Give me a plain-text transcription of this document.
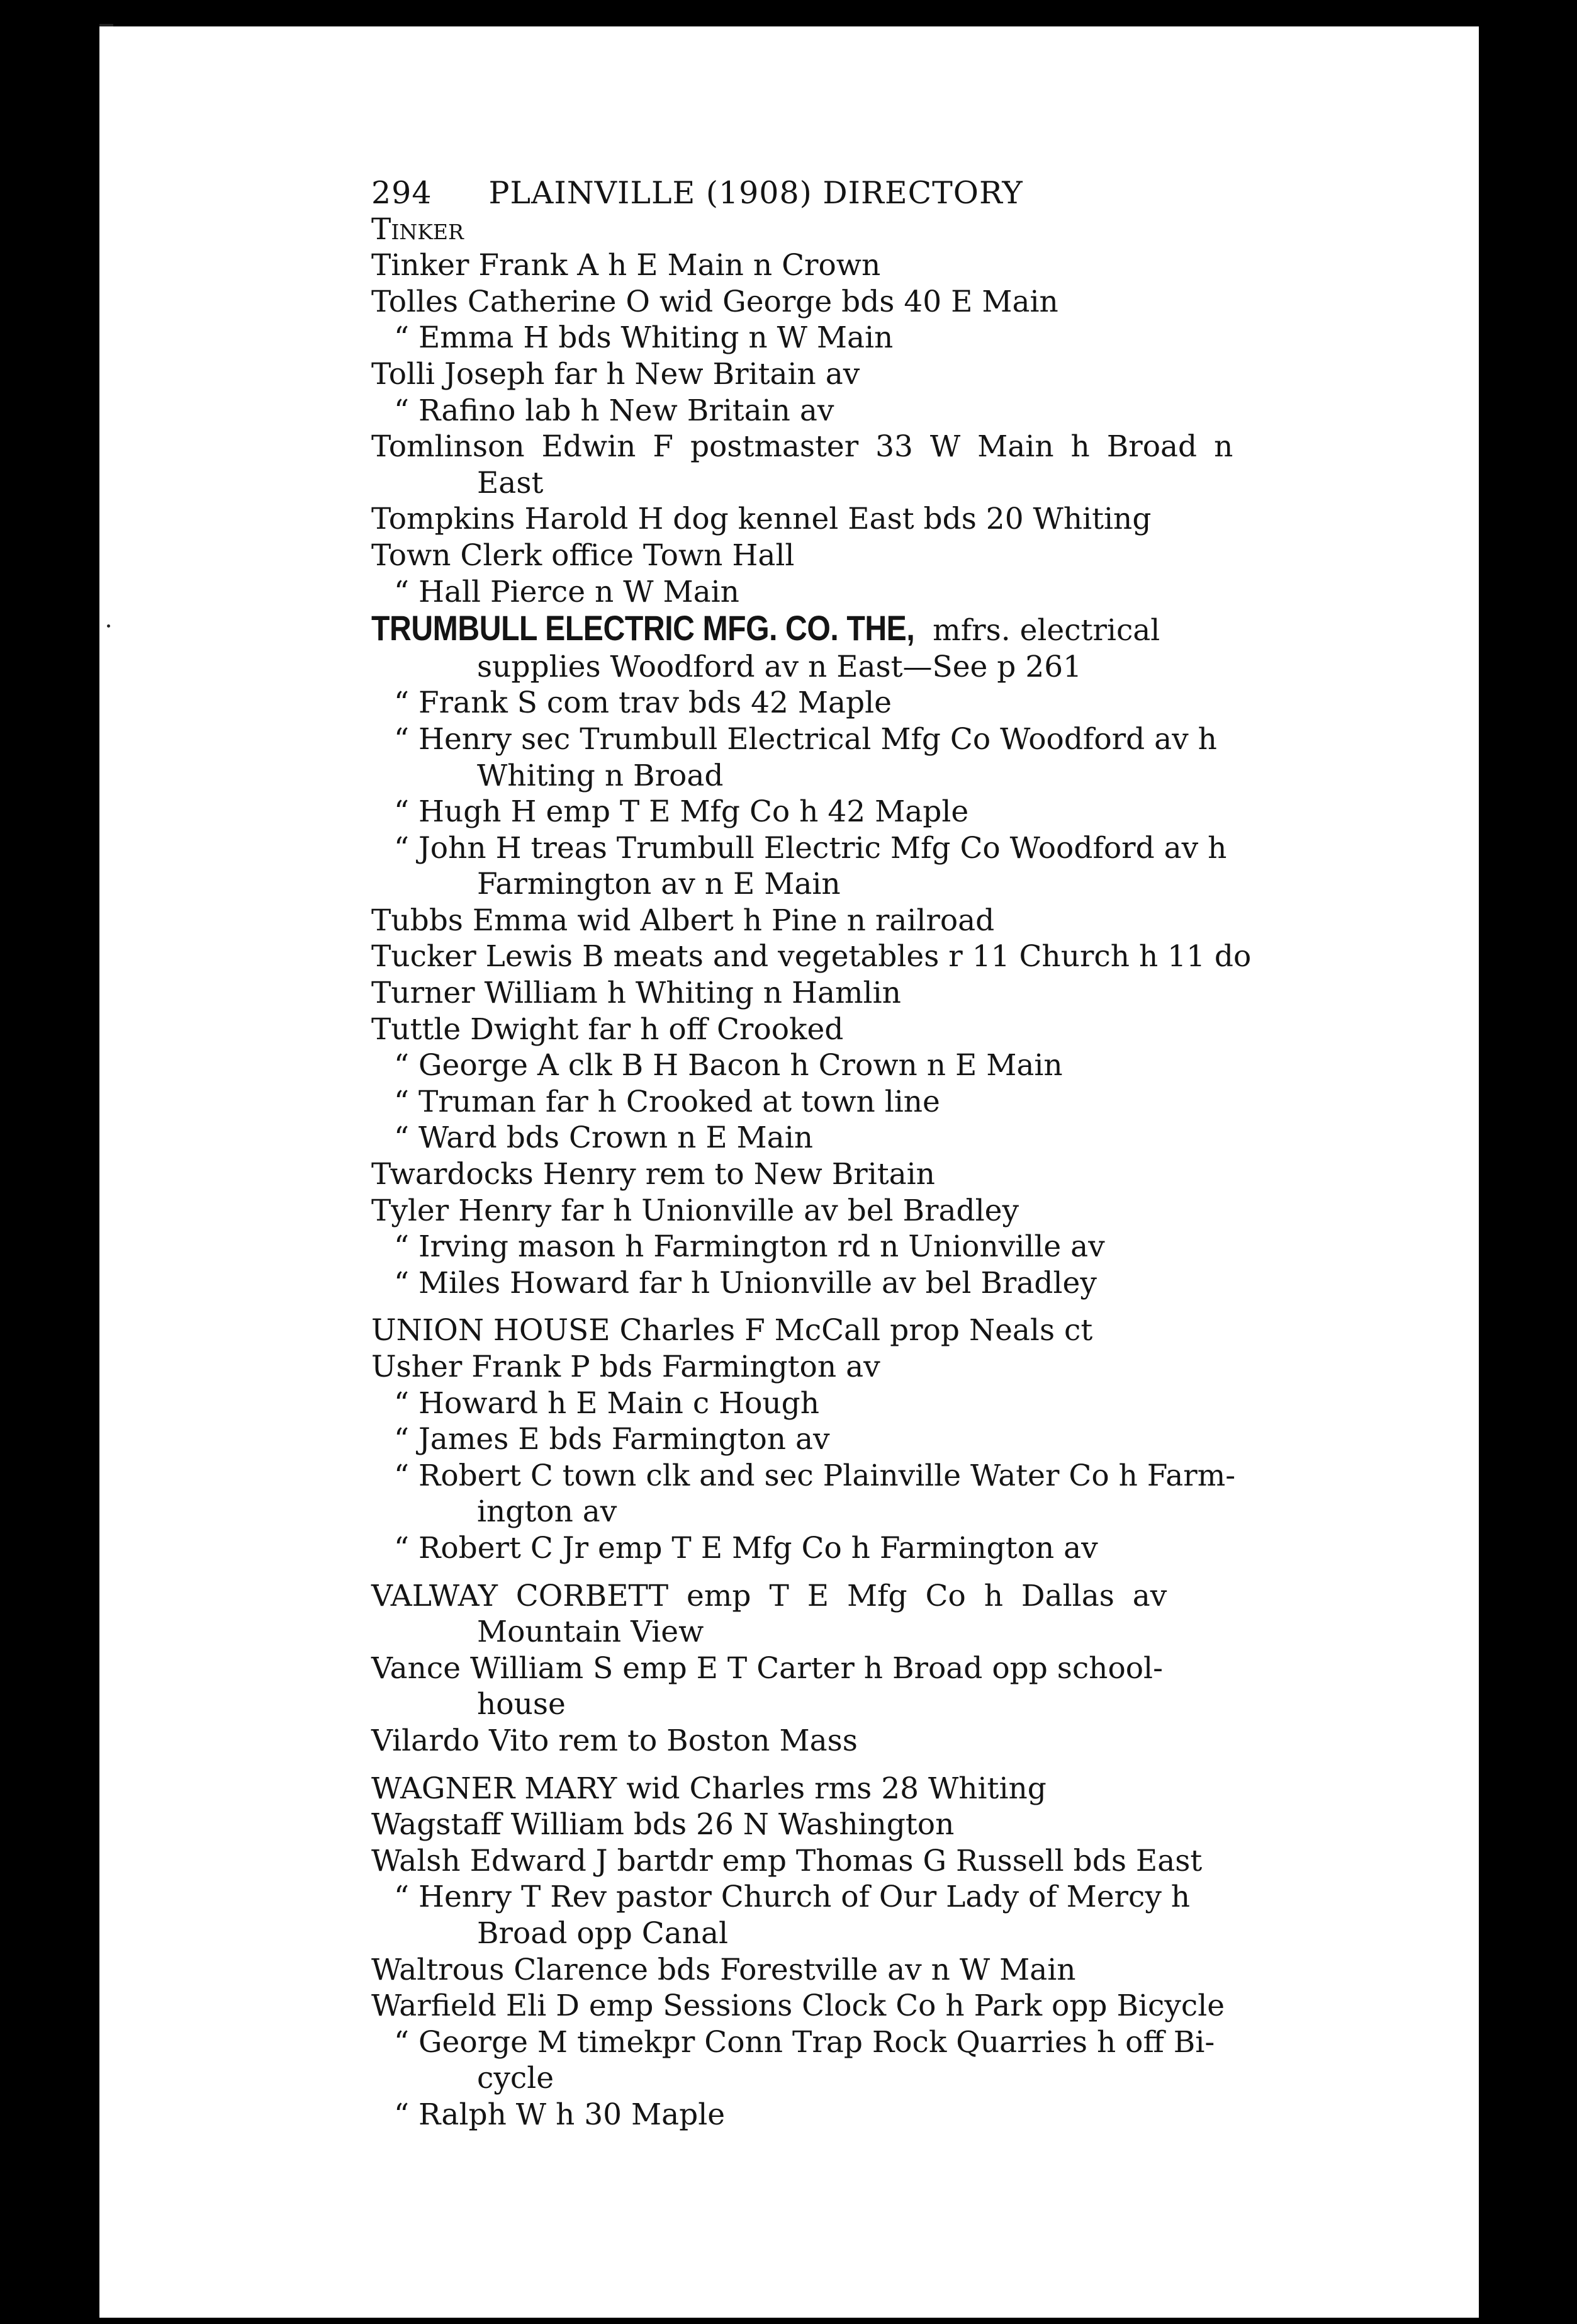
294 PLAINVILLE (1908) DIRECTORY
Tinker
Tinker Frank A h E Main n Crown
Tolles Catherine O wid George bds 40 E Main
“ Emma H bds Whiting n W Main
Tolli Joseph far h New Britain av
“ Rafino lab h New Britain av
Tomlinson Edwin F postmaster 33 W Main h Broad n
East
Tompkins Harold H dog kennel East bds 20 Whiting
Town Clerk office Town Hall
“ Hall Pierce n W Main
TRUMBULL ELECTRIC MFG. CO. THE, mfrs. electrical
supplies Woodford av n East—See p 261
“ Frank S com trav bds 42 Maple
“ Henry sec Trumbull Electrical Mfg Co Woodford av h
Whiting n Broad
“ Hugh H emp T E Mfg Co h 42 Maple
“ John H treas Trumbull Electric Mfg Co Woodford av h
Farmington av n E Main
Tubbs Emma wid Albert h Pine n railroad
Tucker Lewis B meats and vegetables r 11 Church h 11 do
Turner William h Whiting n Hamlin
Tuttle Dwight far h off Crooked
“ George A clk B H Bacon h Crown n E Main
“ Truman far h Crooked at town line
“ Ward bds Crown n E Main
Twardocks Henry rem to New Britain
Tyler Henry far h Unionville av bel Bradley
“ Irving mason h Farmington rd n Unionville av
“ Miles Howard far h Unionville av bel Bradley
UNION HOUSE Charles F McCall prop Neals ct
Usher Frank P bds Farmington av
“ Howard h E Main c Hough
“ James E bds Farmington av
“ Robert C town clk and sec Plainville Water Co h Farm-
ington av
“ Robert C Jr emp T E Mfg Co h Farmington av
VALWAY CORBETT emp T E Mfg Co h Dallas av
Mountain View
Vance William S emp E T Carter h Broad opp school-
house
Vilardo Vito rem to Boston Mass
WAGNER MARY wid Charles rms 28 Whiting
Wagstaff William bds 26 N Washington
Walsh Edward J bartdr emp Thomas G Russell bds East
“ Henry T Rev pastor Church of Our Lady of Mercy h
Broad opp Canal
Waltrous Clarence bds Forestville av n W Main
Warfield Eli D emp Sessions Clock Co h Park opp Bicycle
“ George M timekpr Conn Trap Rock Quarries h off Bi-
cycle
“ Ralph W h 30 Maple
